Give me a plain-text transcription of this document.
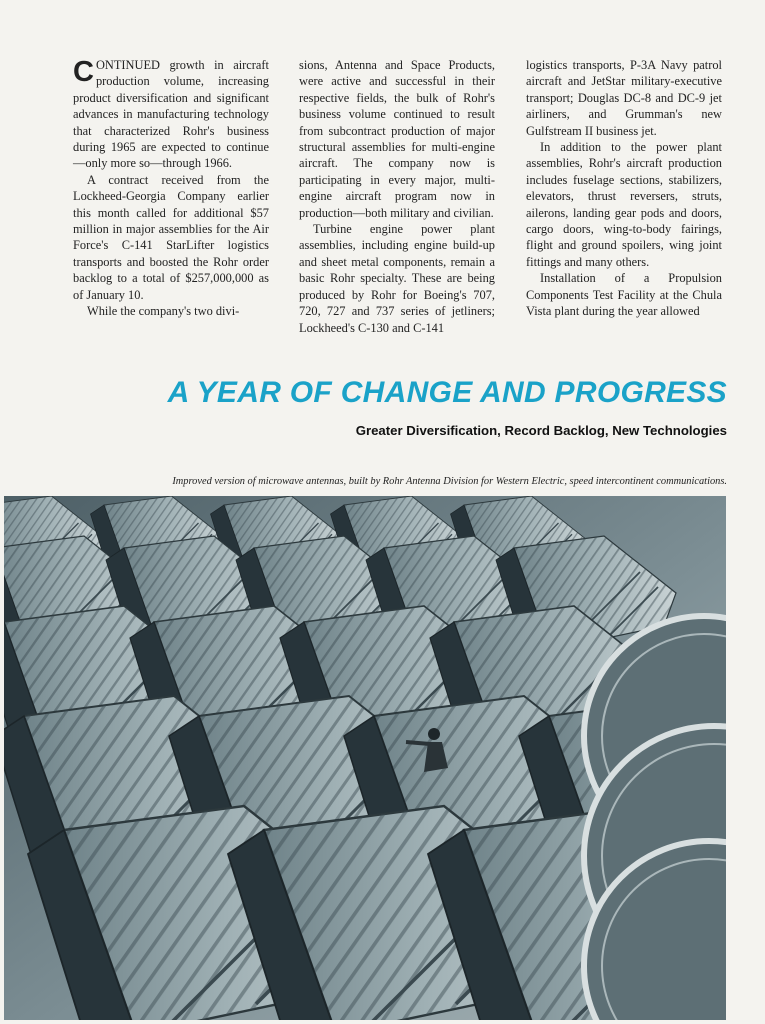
CONTINUED growth in aircraft production volume, increasing product diversification and significant advances in manufacturing technology that characterized Rohr's business during 1965 are expected to continue—only more so—through 1966.

A contract received from the Lockheed-Georgia Company earlier this month called for additional $57 million in major assemblies for the Air Force's C-141 StarLifter logistics transports and boosted the Rohr order backlog to a total of $257,000,000 as of January 10.

While the company's two divi-

sions, Antenna and Space Products, were active and successful in their respective fields, the bulk of Rohr's business volume continued to result from subcontract production of major structural assemblies for multi-engine aircraft. The company now is participating in every major, multi-engine aircraft program now in production—both military and civilian.

Turbine engine power plant assemblies, including engine build-up and sheet metal components, remain a basic Rohr specialty. These are being produced by Rohr for Boeing's 707, 720, 727 and 737 series of jetliners; Lockheed's C-130 and C-141

logistics transports, P-3A Navy patrol aircraft and JetStar military-executive transport; Douglas DC-8 and DC-9 jet airliners, and Grumman's new Gulfstream II business jet.

In addition to the power plant assemblies, Rohr's aircraft production includes fuselage sections, stabilizers, elevators, thrust reversers, struts, ailerons, landing gear pods and doors, cargo doors, wing-to-body fairings, flight and ground spoilers, wing joint fittings and many others.

Installation of a Propulsion Components Test Facility at the Chula Vista plant during the year allowed

A YEAR OF CHANGE AND PROGRESS
Greater Diversification, Record Backlog, New Technologies

Improved version of microwave antennas, built by Rohr Antenna Division for Western Electric, speed intercontinent communications.
